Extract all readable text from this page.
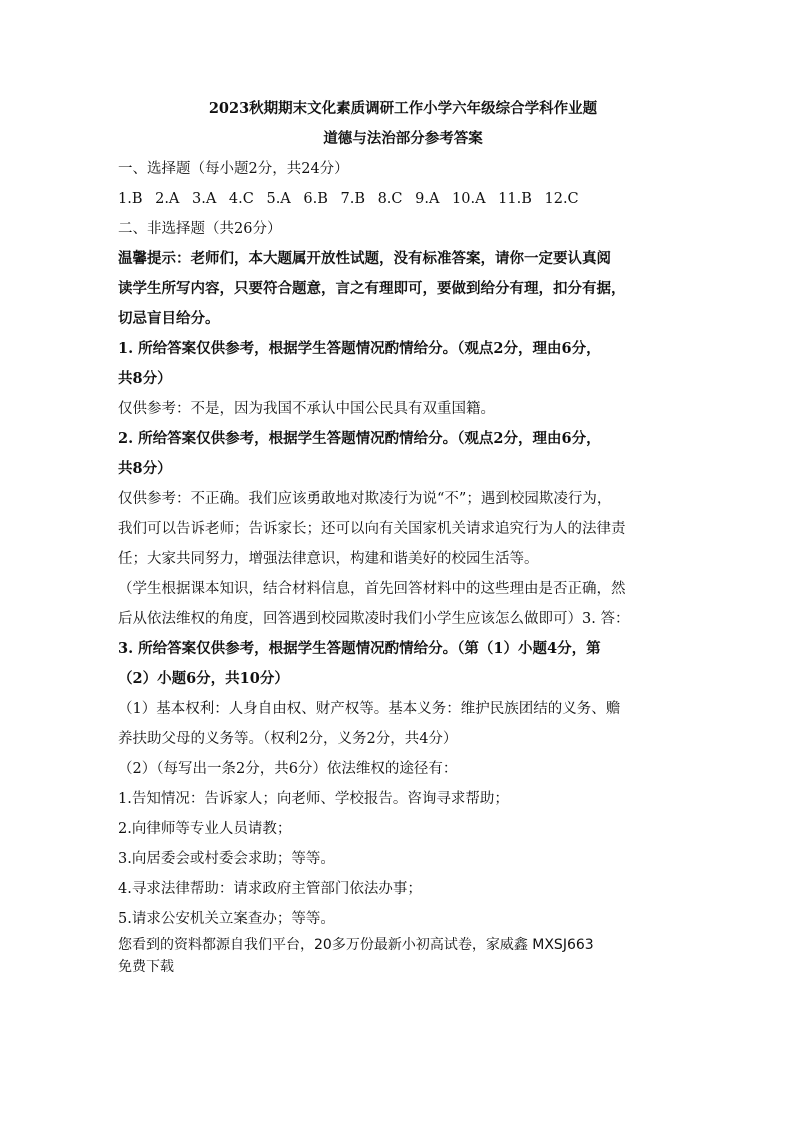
2023秋期期末文化素质调研工作小学六年级综合学科作业题
道德与法治部分参考答案
一、选择题（每小题2分，共24分）
1.B 2.A 3.A 4.C 5.A 6.B 7.B 8.C 9.A 10.A 11.B 12.C
二、非选择题（共26分）
温馨提示：老师们，本大题属开放性试题，没有标准答案，请你一定要认真阅
读学生所写内容，只要符合题意，言之有理即可，要做到给分有理，扣分有据，
切忌盲目给分。
1. 所给答案仅供参考，根据学生答题情况酌情给分。（观点2分，理由6分，
共8分）
仅供参考：不是，因为我国不承认中国公民具有双重国籍。
2. 所给答案仅供参考，根据学生答题情况酌情给分。（观点2分，理由6分，
共8分）
仅供参考：不正确。我们应该勇敢地对欺凌行为说“不”；遇到校园欺凌行为，
我们可以告诉老师；告诉家长；还可以向有关国家机关请求追究行为人的法律责
任；大家共同努力，增强法律意识，构建和谐美好的校园生活等。
（学生根据课本知识，结合材料信息，首先回答材料中的这些理由是否正确，然
后从依法维权的角度，回答遇到校园欺凌时我们小学生应该怎么做即可）3. 答：
3. 所给答案仅供参考，根据学生答题情况酌情给分。（第（1）小题4分，第
（2）小题6分，共10分）
（1）基本权利：人身自由权、财产权等。基本义务：维护民族团结的义务、赡
养扶助父母的义务等。（权利2分，义务2分，共4分）
（2）（每写出一条2分，共6分）依法维权的途径有：
1.告知情况：告诉家人；向老师、学校报告。咨询寻求帮助；
2.向律师等专业人员请教；
3.向居委会或村委会求助；等等。
4.寻求法律帮助：请求政府主管部门依法办事；
5.请求公安机关立案查办；等等。
您看到的资料都源自我们平台，20多万份最新小初高试卷，家威鑫 MXSJ663
免费下载
